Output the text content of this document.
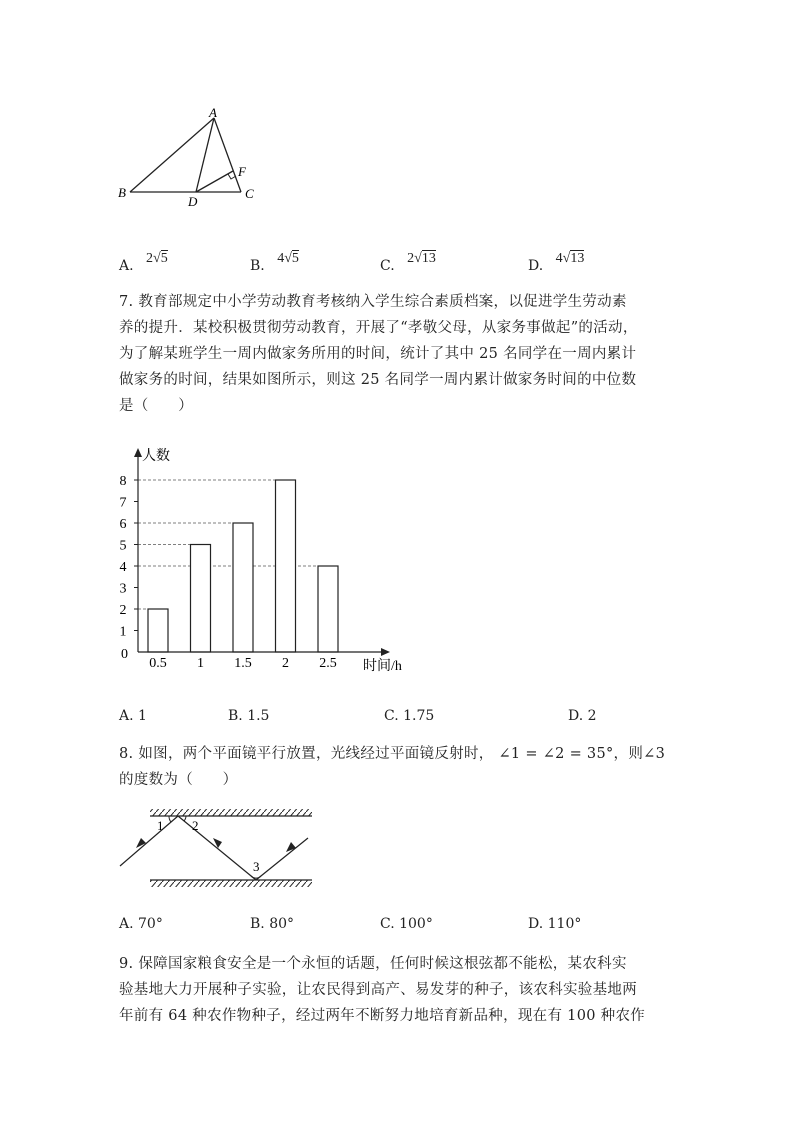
A
B	C
D
F
A. 2√5	B. 4√5	C. 2√13	D. 4√13
7. 教育部规定中小学劳动教育考核纳入学生综合素质档案，以促进学生劳动素
养的提升．某校积极贯彻劳动教育，开展了“孝敬父母，从家务事做起”的活动，
为了解某班学生一周内做家务所用的时间，统计了其中 25 名同学在一周内累计
做家务的时间，结果如图所示，则这 25 名同学一周内累计做家务时间的中位数
是（　　）
1
2
3
4
5
6
7
8
0.5 1 1.5 2 2.5
人数
时间/h
0
A. 1	B. 1.5	C. 1.75	D. 2
8. 如图，两个平面镜平行放置，光线经过平面镜反射时， ∠1 = ∠2 = 35°，则∠3
的度数为（　　）
1 2
3
A. 70°	B. 80°	C. 100°	D. 110°
9. 保障国家粮食安全是一个永恒的话题，任何时候这根弦都不能松，某农科实
验基地大力开展种子实验，让农民得到高产、易发芽的种子，该农科实验基地两
年前有 64 种农作物种子，经过两年不断努力地培育新品种，现在有 100 种农作
